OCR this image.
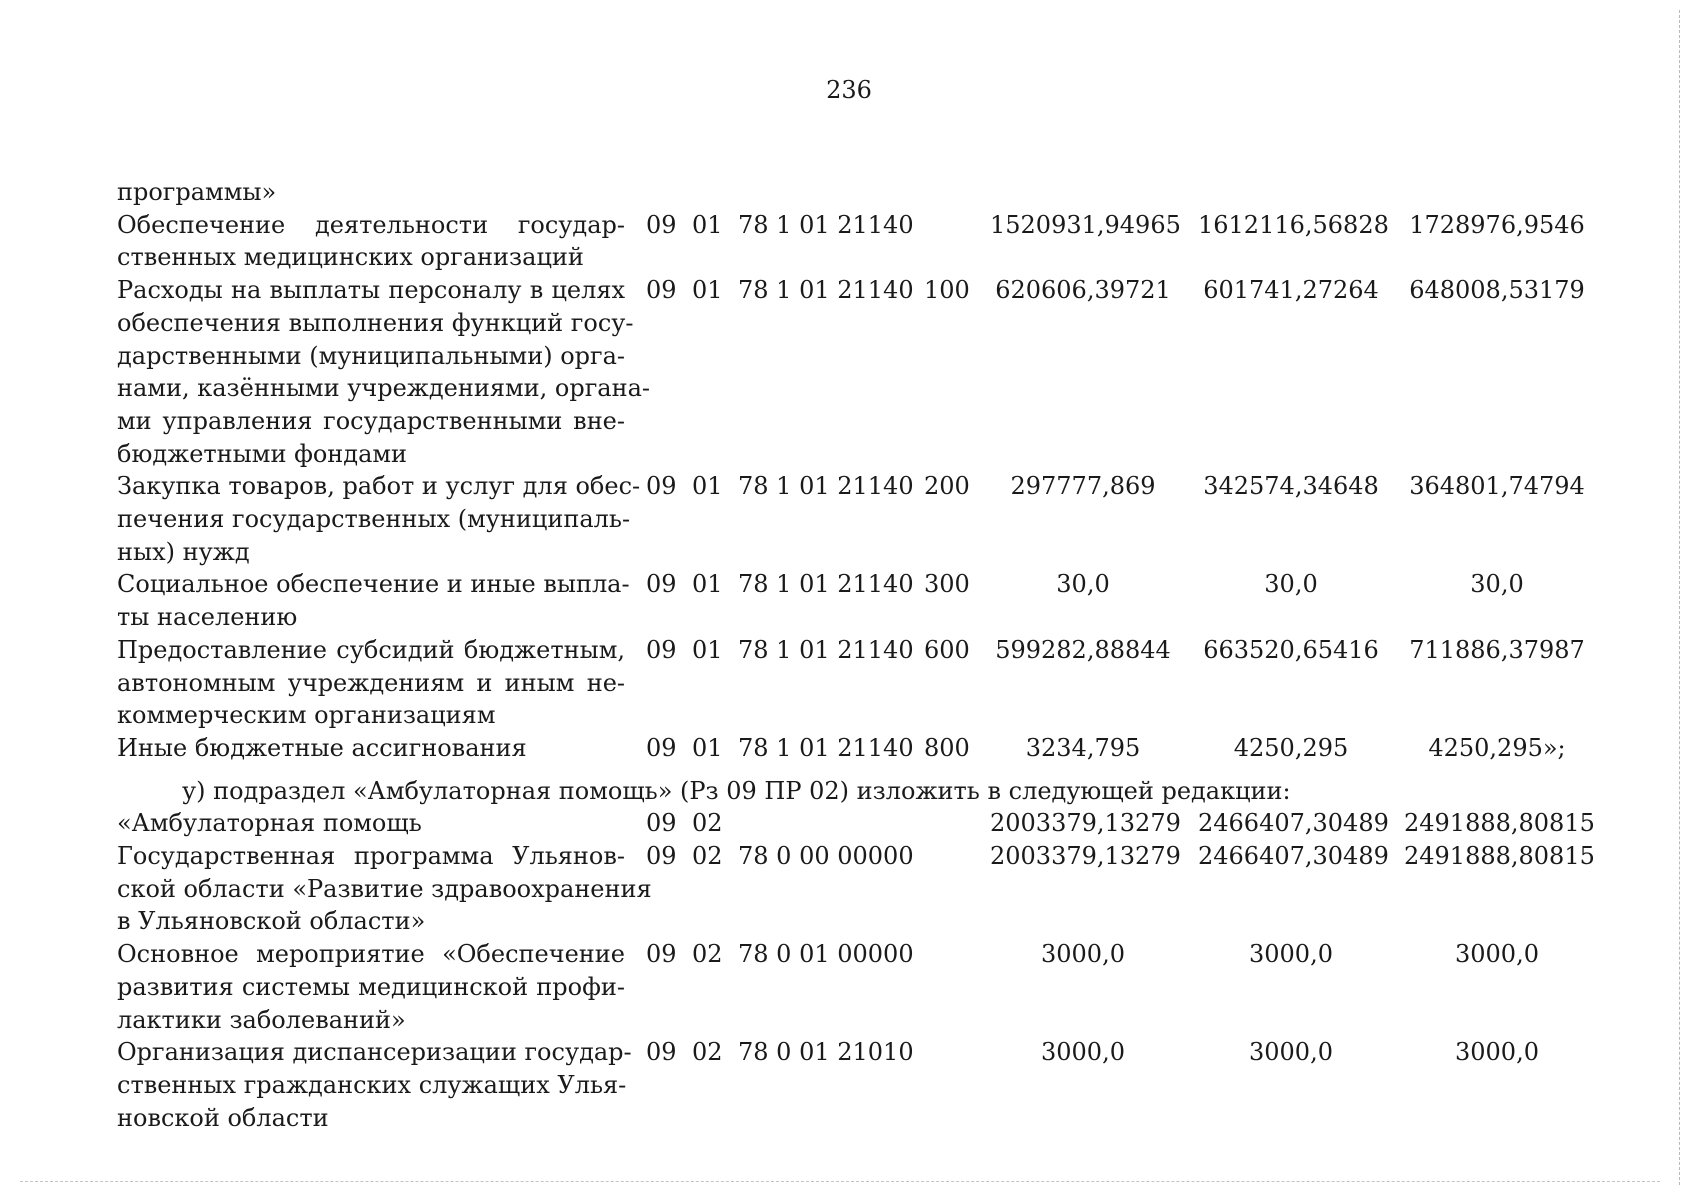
236
программы»
Обеспечение деятельности государ-
ственных медицинских организаций
09 01 78 1 01 21140	1520931,94965 1612116,56828 1728976,9546
Расходы на выплаты персоналу в целях
обеспечения выполнения функций госу-
дарственными (муниципальными) орга-
нами, казёнными учреждениями, органа-
ми управления государственными вне-
бюджетными фондами
09 01 78 1 01 21140 100 620606,39721 601741,27264 648008,53179
Закупка товаров, работ и услуг для обес-
печения государственных (муниципаль-
ных) нужд
09 01 78 1 01 21140 200	297777,869	342574,34648 364801,74794
Социальное обеспечение и иные выпла-
ты населению
09 01 78 1 01 21140 300	30,0	30,0	30,0
Предоставление субсидий бюджетным,
автономным учреждениям и иным не-
коммерческим организациям
09 01 78 1 01 21140 600 599282,88844 663520,65416 711886,37987
Иные бюджетные ассигнования	09 01 78 1 01 21140 800	3234,795	4250,295	4250,295»;
у) подраздел «Амбулаторная помощь» (Рз 09 ПР 02) изложить в следующей редакции:
«Амбулаторная помощь	09 02	2003379,13279 2466407,30489 2491888,80815
Государственная программа Ульянов-
ской области «Развитие здравоохранения
в Ульяновской области»
09 02 78 0 00 00000	2003379,13279 2466407,30489 2491888,80815
Основное мероприятие «Обеспечение
развития системы медицинской профи-
лактики заболеваний»
09 02 78 0 01 00000	3000,0	3000,0	3000,0
Организация диспансеризации государ-
ственных гражданских служащих Улья-
новской области
09 02 78 0 01 21010	3000,0	3000,0	3000,0
